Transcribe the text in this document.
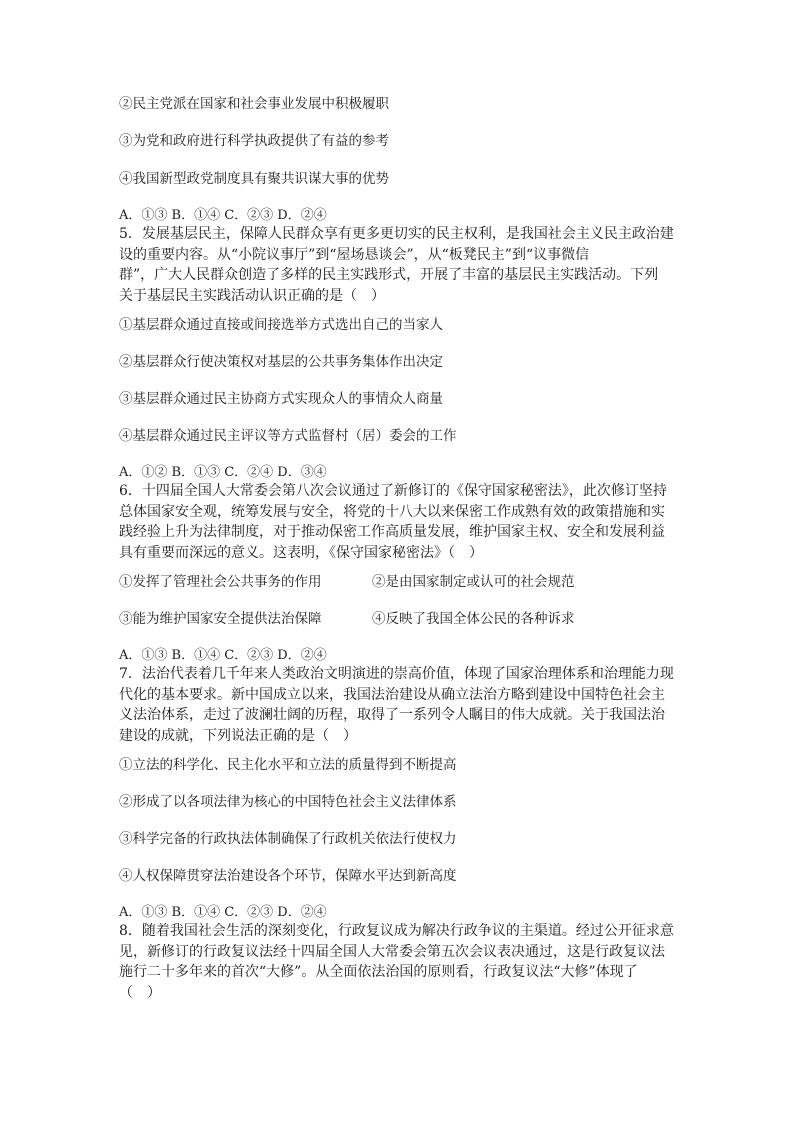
②民主党派在国家和社会事业发展中积极履职
③为党和政府进行科学执政提供了有益的参考
④我国新型政党制度具有聚共识谋大事的优势
A．①③ B．①④ C．②③ D．②④
5．发展基层民主，保障人民群众享有更多更切实的民主权利，是我国社会主义民主政治建
设的重要内容。从“小院议事厅”到“屋场恳谈会”，从“板凳民主”到“议事微信
群”，广大人民群众创造了多样的民主实践形式，开展了丰富的基层民主实践活动。下列
关于基层民主实践活动认识正确的是（　）
①基层群众通过直接或间接选举方式选出自己的当家人
②基层群众行使决策权对基层的公共事务集体作出决定
③基层群众通过民主协商方式实现众人的事情众人商量
④基层群众通过民主评议等方式监督村（居）委会的工作
A．①② B．①③ C．②④ D．③④
6．十四届全国人大常委会第八次会议通过了新修订的《保守国家秘密法》，此次修订坚持
总体国家安全观，统筹发展与安全，将党的十八大以来保密工作成熟有效的政策措施和实
践经验上升为法律制度，对于推动保密工作高质量发展，维护国家主权、安全和发展利益
具有重要而深远的意义。这表明，《保守国家秘密法》（　）
①发挥了管理社会公共事务的作用	②是由国家制定或认可的社会规范
③能为维护国家安全提供法治保障	④反映了我国全体公民的各种诉求
A．①③ B．①④ C．②③ D．②④
7．法治代表着几千年来人类政治文明演进的崇高价值，体现了国家治理体系和治理能力现
代化的基本要求。新中国成立以来，我国法治建设从确立法治方略到建设中国特色社会主
义法治体系，走过了波澜壮阔的历程，取得了一系列令人瞩目的伟大成就。关于我国法治
建设的成就，下列说法正确的是（　）
①立法的科学化、民主化水平和立法的质量得到不断提高
②形成了以各项法律为核心的中国特色社会主义法律体系
③科学完备的行政执法体制确保了行政机关依法行使权力
④人权保障贯穿法治建设各个环节，保障水平达到新高度
A．①③ B．①④ C．②③ D．②④
8．随着我国社会生活的深刻变化，行政复议成为解决行政争议的主渠道。经过公开征求意
见，新修订的行政复议法经十四届全国人大常委会第五次会议表决通过，这是行政复议法
施行二十多年来的首次“大修”。从全面依法治国的原则看，行政复议法“大修”体现了
（　）
